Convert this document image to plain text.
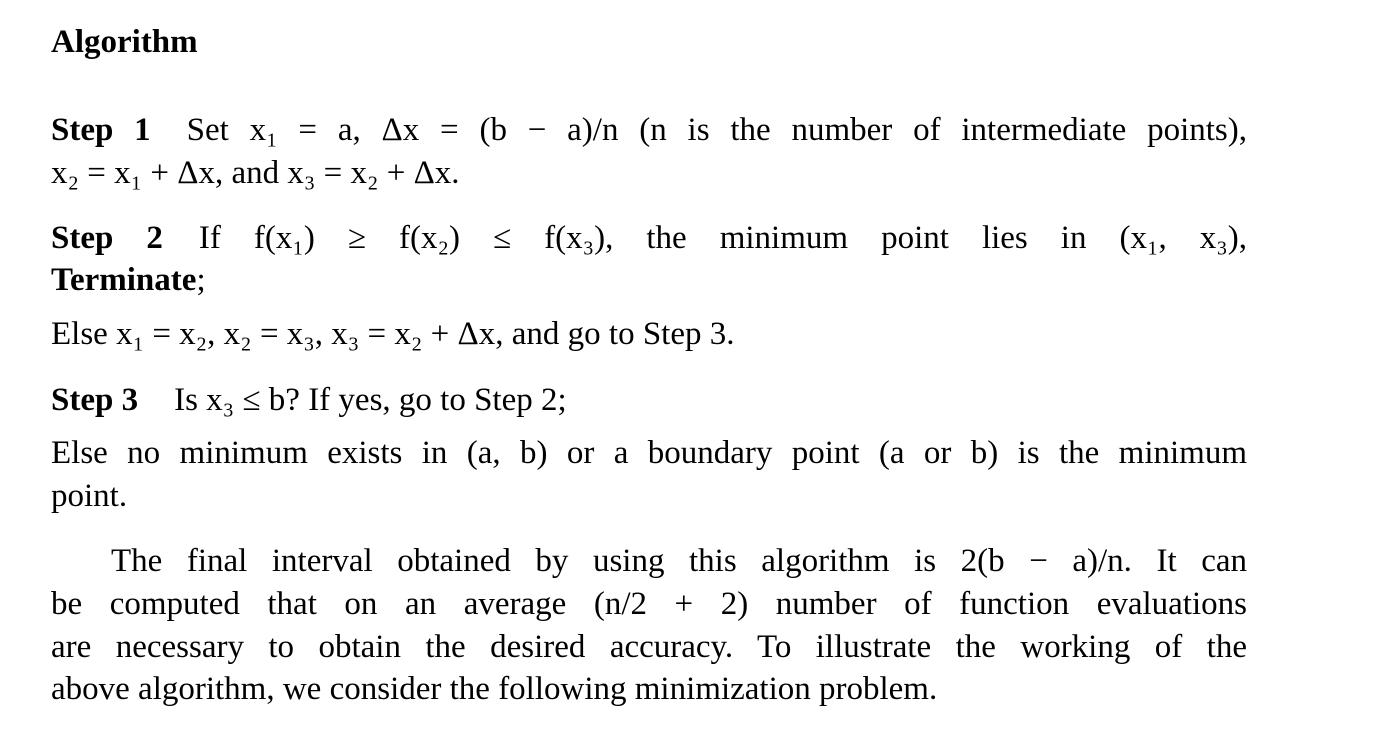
Algorithm
Step 1 Set x₁ = a, Δx = (b − a)/n (n is the number of intermediate points),
x₂ = x₁ + Δx, and x₃ = x₂ + Δx.
Step 2 If f(x₁) ≥ f(x₂) ≤ f(x₃), the minimum point lies in (x₁, x₃),
Terminate;
Else x₁ = x₂, x₂ = x₃, x₃ = x₂ + Δx, and go to Step 3.
Step 3 Is x₃ ≤ b? If yes, go to Step 2;
Else no minimum exists in (a, b) or a boundary point (a or b) is the minimum
point.
The final interval obtained by using this algorithm is 2(b − a)/n. It can
be computed that on an average (n/2 + 2) number of function evaluations
are necessary to obtain the desired accuracy. To illustrate the working of the
above algorithm, we consider the following minimization problem.
